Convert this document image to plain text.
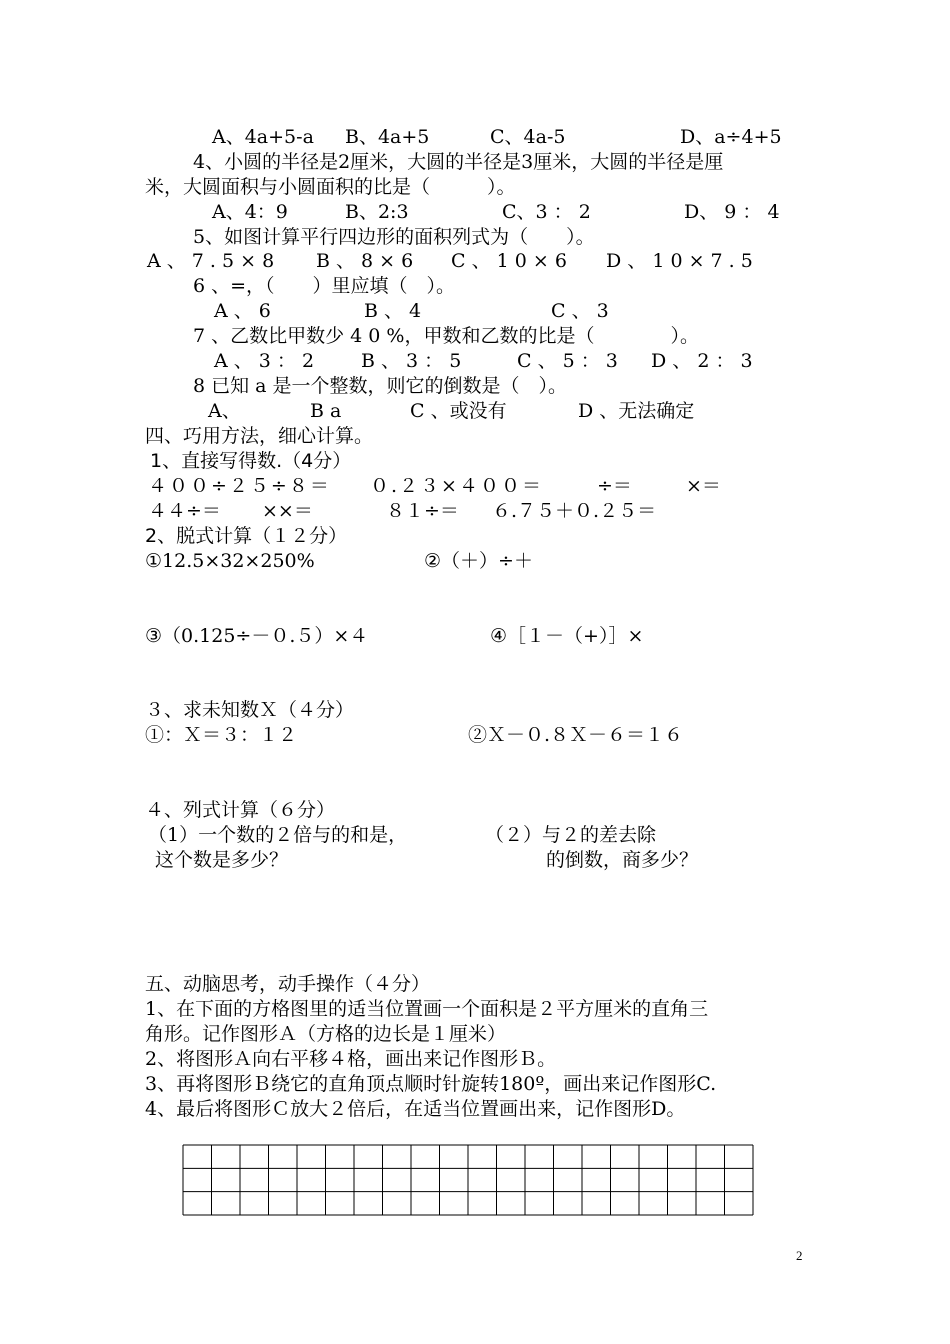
A、4a+5-a B、4a+5	C、4a-5	D、a÷4+5
4、小圆的半径是2厘米，大圆的半径是3厘米，大圆的半径是厘
米，大圆面积与小圆面积的比是（　　　）。
A、4：9	B、2:3	C、3 ： 2	D、 9 ： 4
5、如图计算平行四边形的面积列式为（　　）。
A 、 7 . 5 × 8 B 、 8 × 6 C 、 1 0 × 6 D 、 1 0 × 7 . 5
6 、=，（　　）里应填（　）。
A 、 6	B 、 4	C 、 3
7 、乙数比甲数少 4 0 %，甲数和乙数的比是（　　　　）。
A 、 3 ： 2 B 、 3 ： 5	C 、 5 ： 3 D 、 2 ： 3
8 已知 a 是一个整数，则它的倒数是（　）。
A、	B a	C 、或没有	D 、无法确定
四、巧用方法，细心计算。
1、直接写得数.（4分）
４００÷２５÷８＝ ０.２３×４００＝	÷＝	×＝
４４÷＝ ××＝	８１÷＝ ６.７５＋０.２５＝
2、脱式计算（１２分）
①12.5×32×250%	②（＋）÷＋
③（0.125÷－０.５）×４	④［１－（+）］×
３、求未知数Ｘ（４分）
①：Ｘ＝３：１２	②Ｘ－０.８Ｘ－６＝１６
４、列式计算（６分）
（1）一个数的２倍与的和是，
这个数是多少？
（２）与２的差去除
的倒数，商多少？
五、动脑思考，动手操作（４分）
1、在下面的方格图里的适当位置画一个面积是２平方厘米的直角三
角形。记作图形Ａ（方格的边长是１厘米）
2、将图形Ａ向右平移４格，画出来记作图形Ｂ。
3、再将图形Ｂ绕它的直角顶点顺时针旋转180º，画出来记作图形C.
4、最后将图形Ｃ放大２倍后，在适当位置画出来，记作图形D。
2
